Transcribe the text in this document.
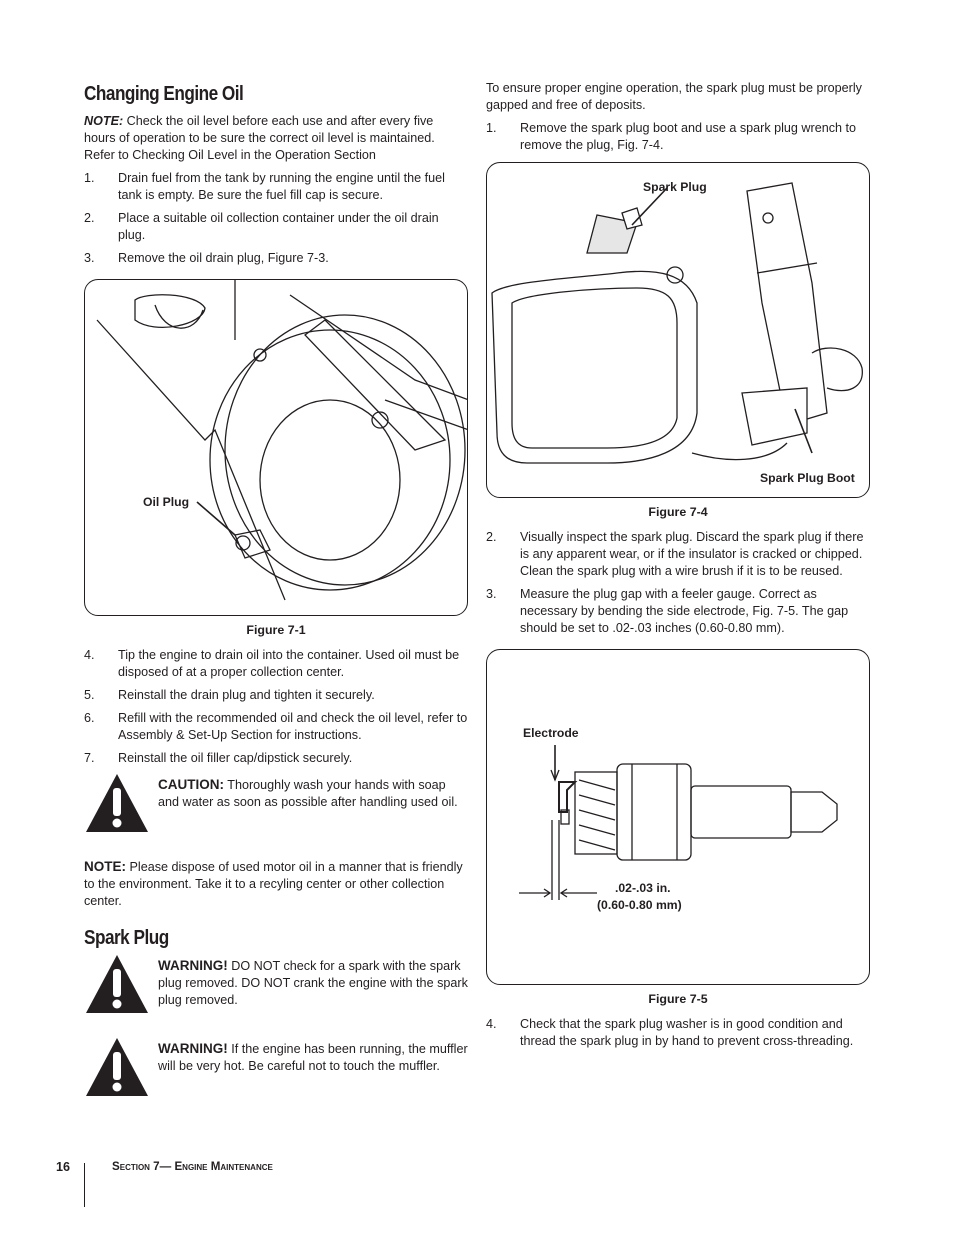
Changing Engine Oil

NOTE: Check the oil level before each use and after every five hours of operation to be sure the correct oil level is maintained. Refer to Checking Oil Level in the Operation Section

1. Drain fuel from the tank by running the engine until the fuel tank is empty. Be sure the fuel fill cap is secure.
2. Place a suitable oil collection container under the oil drain plug.
3. Remove the oil drain plug, Figure 7-3.
Oil Plug
Figure 7-1
4. Tip the engine to drain oil into the container. Used oil must be disposed of at a proper collection center.
5. Reinstall the drain plug and tighten it securely.
6. Refill with the recommended oil and check the oil level, refer to Assembly & Set-Up Section for instructions.
7. Reinstall the oil filler cap/dipstick securely.
CAUTION: Thoroughly wash your hands with soap and water as soon as possible after handling used oil.

NOTE: Please dispose of used motor oil in a manner that is friendly to the environment. Take it to a recyling center or other collection center.

Spark Plug
WARNING! DO NOT check for a spark with the spark plug removed. DO NOT crank the engine with the spark plug removed.
WARNING! If the engine has been running, the muffler will be very hot. Be careful not to touch the muffler.

To ensure proper engine operation, the spark plug must be properly gapped and free of deposits.

1. Remove the spark plug boot and use a spark plug wrench to remove the plug, Fig. 7-4.
Spark Plug
Spark Plug Boot
Figure 7-4
2. Visually inspect the spark plug. Discard the spark plug if there is any apparent wear, or if the insulator is cracked or chipped. Clean the spark plug with a wire brush if it is to be reused.
3. Measure the plug gap with a feeler gauge. Correct as necessary by bending the side electrode, Fig. 7-5. The gap should be set to .02-.03 inches (0.60-0.80 mm).
Electrode
.02-.03 in.
(0.60-0.80 mm)
Figure 7-5
4. Check that the spark plug washer is in good condition and thread the spark plug in by hand to prevent cross-threading.
16	Section 7— Engine Maintenance
